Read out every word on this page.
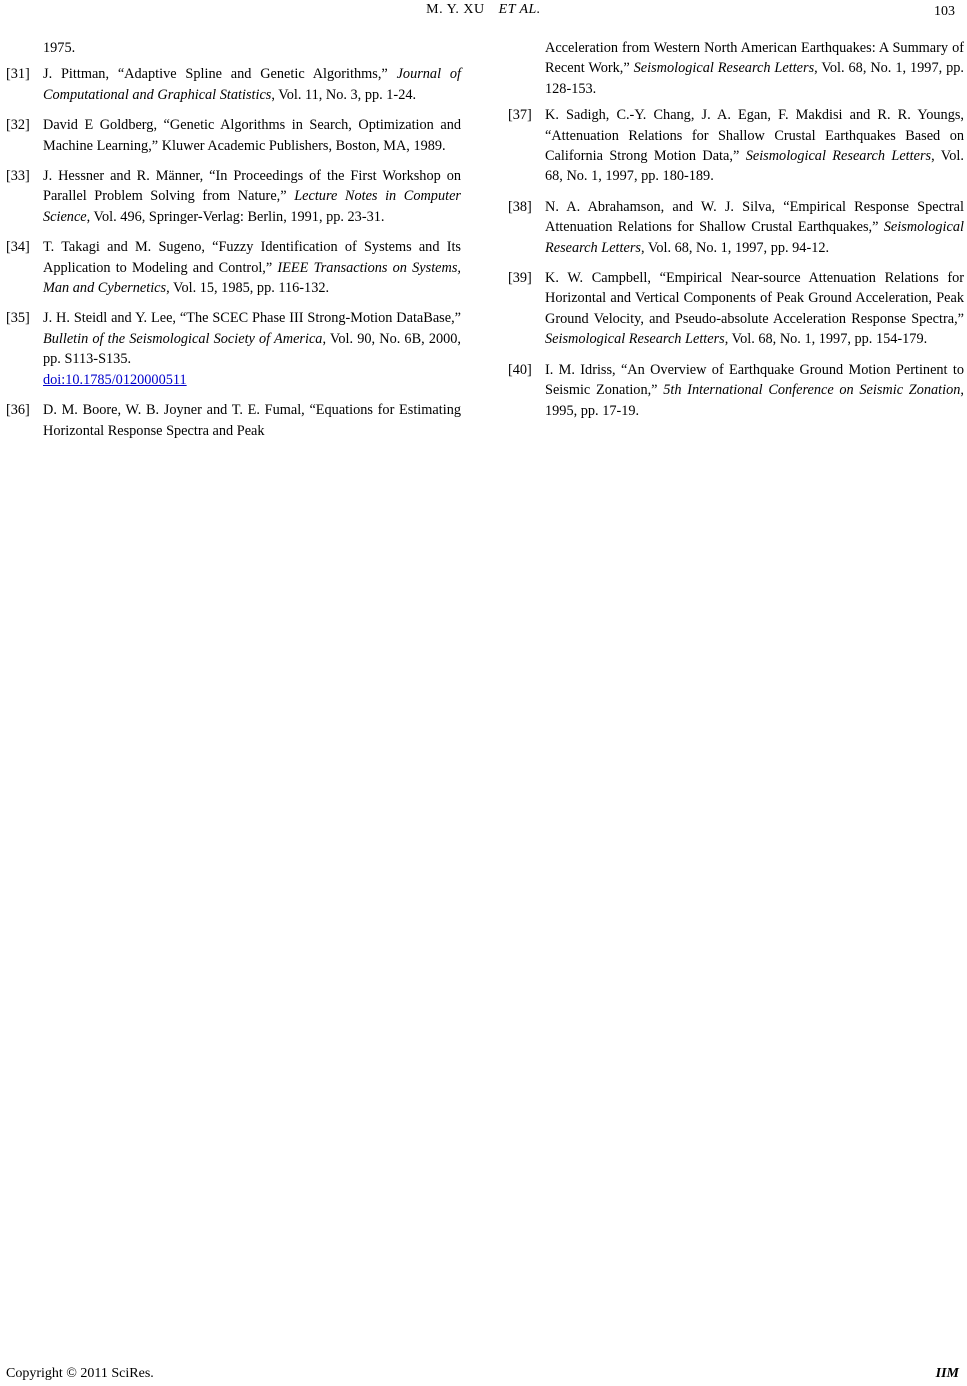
M. Y. XU ET AL.	103

1975.

[31] J. Pittman, “Adaptive Spline and Genetic Algorithms,” Journal of Computational and Graphical Statistics, Vol. 11, No. 3, pp. 1-24.
[32] David E Goldberg, “Genetic Algorithms in Search, Optimization and Machine Learning,” Kluwer Academic Publishers, Boston, MA, 1989.
[33] J. Hessner and R. Männer, “In Proceedings of the First Workshop on Parallel Problem Solving from Nature,” Lecture Notes in Computer Science, Vol. 496, Springer-Verlag: Berlin, 1991, pp. 23-31.
[34] T. Takagi and M. Sugeno, “Fuzzy Identification of Systems and Its Application to Modeling and Control,” IEEE Transactions on Systems, Man and Cybernetics, Vol. 15, 1985, pp. 116-132.
[35] J. H. Steidl and Y. Lee, “The SCEC Phase III Strong-Motion DataBase,” Bulletin of the Seismological Society of America, Vol. 90, No. 6B, 2000, pp. S113-S135.
doi:10.1785/0120000511
[36] D. M. Boore, W. B. Joyner and T. E. Fumal, “Equations for Estimating Horizontal Response Spectra and Peak

Acceleration from Western North American Earthquakes: A Summary of Recent Work,” Seismological Research Letters, Vol. 68, No. 1, 1997, pp. 128-153.

[37] K. Sadigh, C.-Y. Chang, J. A. Egan, F. Makdisi and R. R. Youngs, “Attenuation Relations for Shallow Crustal Earthquakes Based on California Strong Motion Data,” Seismological Research Letters, Vol. 68, No. 1, 1997, pp. 180-189.
[38] N. A. Abrahamson, and W. J. Silva, “Empirical Response Spectral Attenuation Relations for Shallow Crustal Earthquakes,” Seismological Research Letters, Vol. 68, No. 1, 1997, pp. 94-12.
[39] K. W. Campbell, “Empirical Near-source Attenuation Relations for Horizontal and Vertical Components of Peak Ground Acceleration, Peak Ground Velocity, and Pseudo-absolute Acceleration Response Spectra,” Seismological Research Letters, Vol. 68, No. 1, 1997, pp. 154-179.
[40] I. M. Idriss, “An Overview of Earthquake Ground Motion Pertinent to Seismic Zonation,” 5th International Conference on Seismic Zonation, 1995, pp. 17-19.
Copyright © 2011 SciRes.	IIM
